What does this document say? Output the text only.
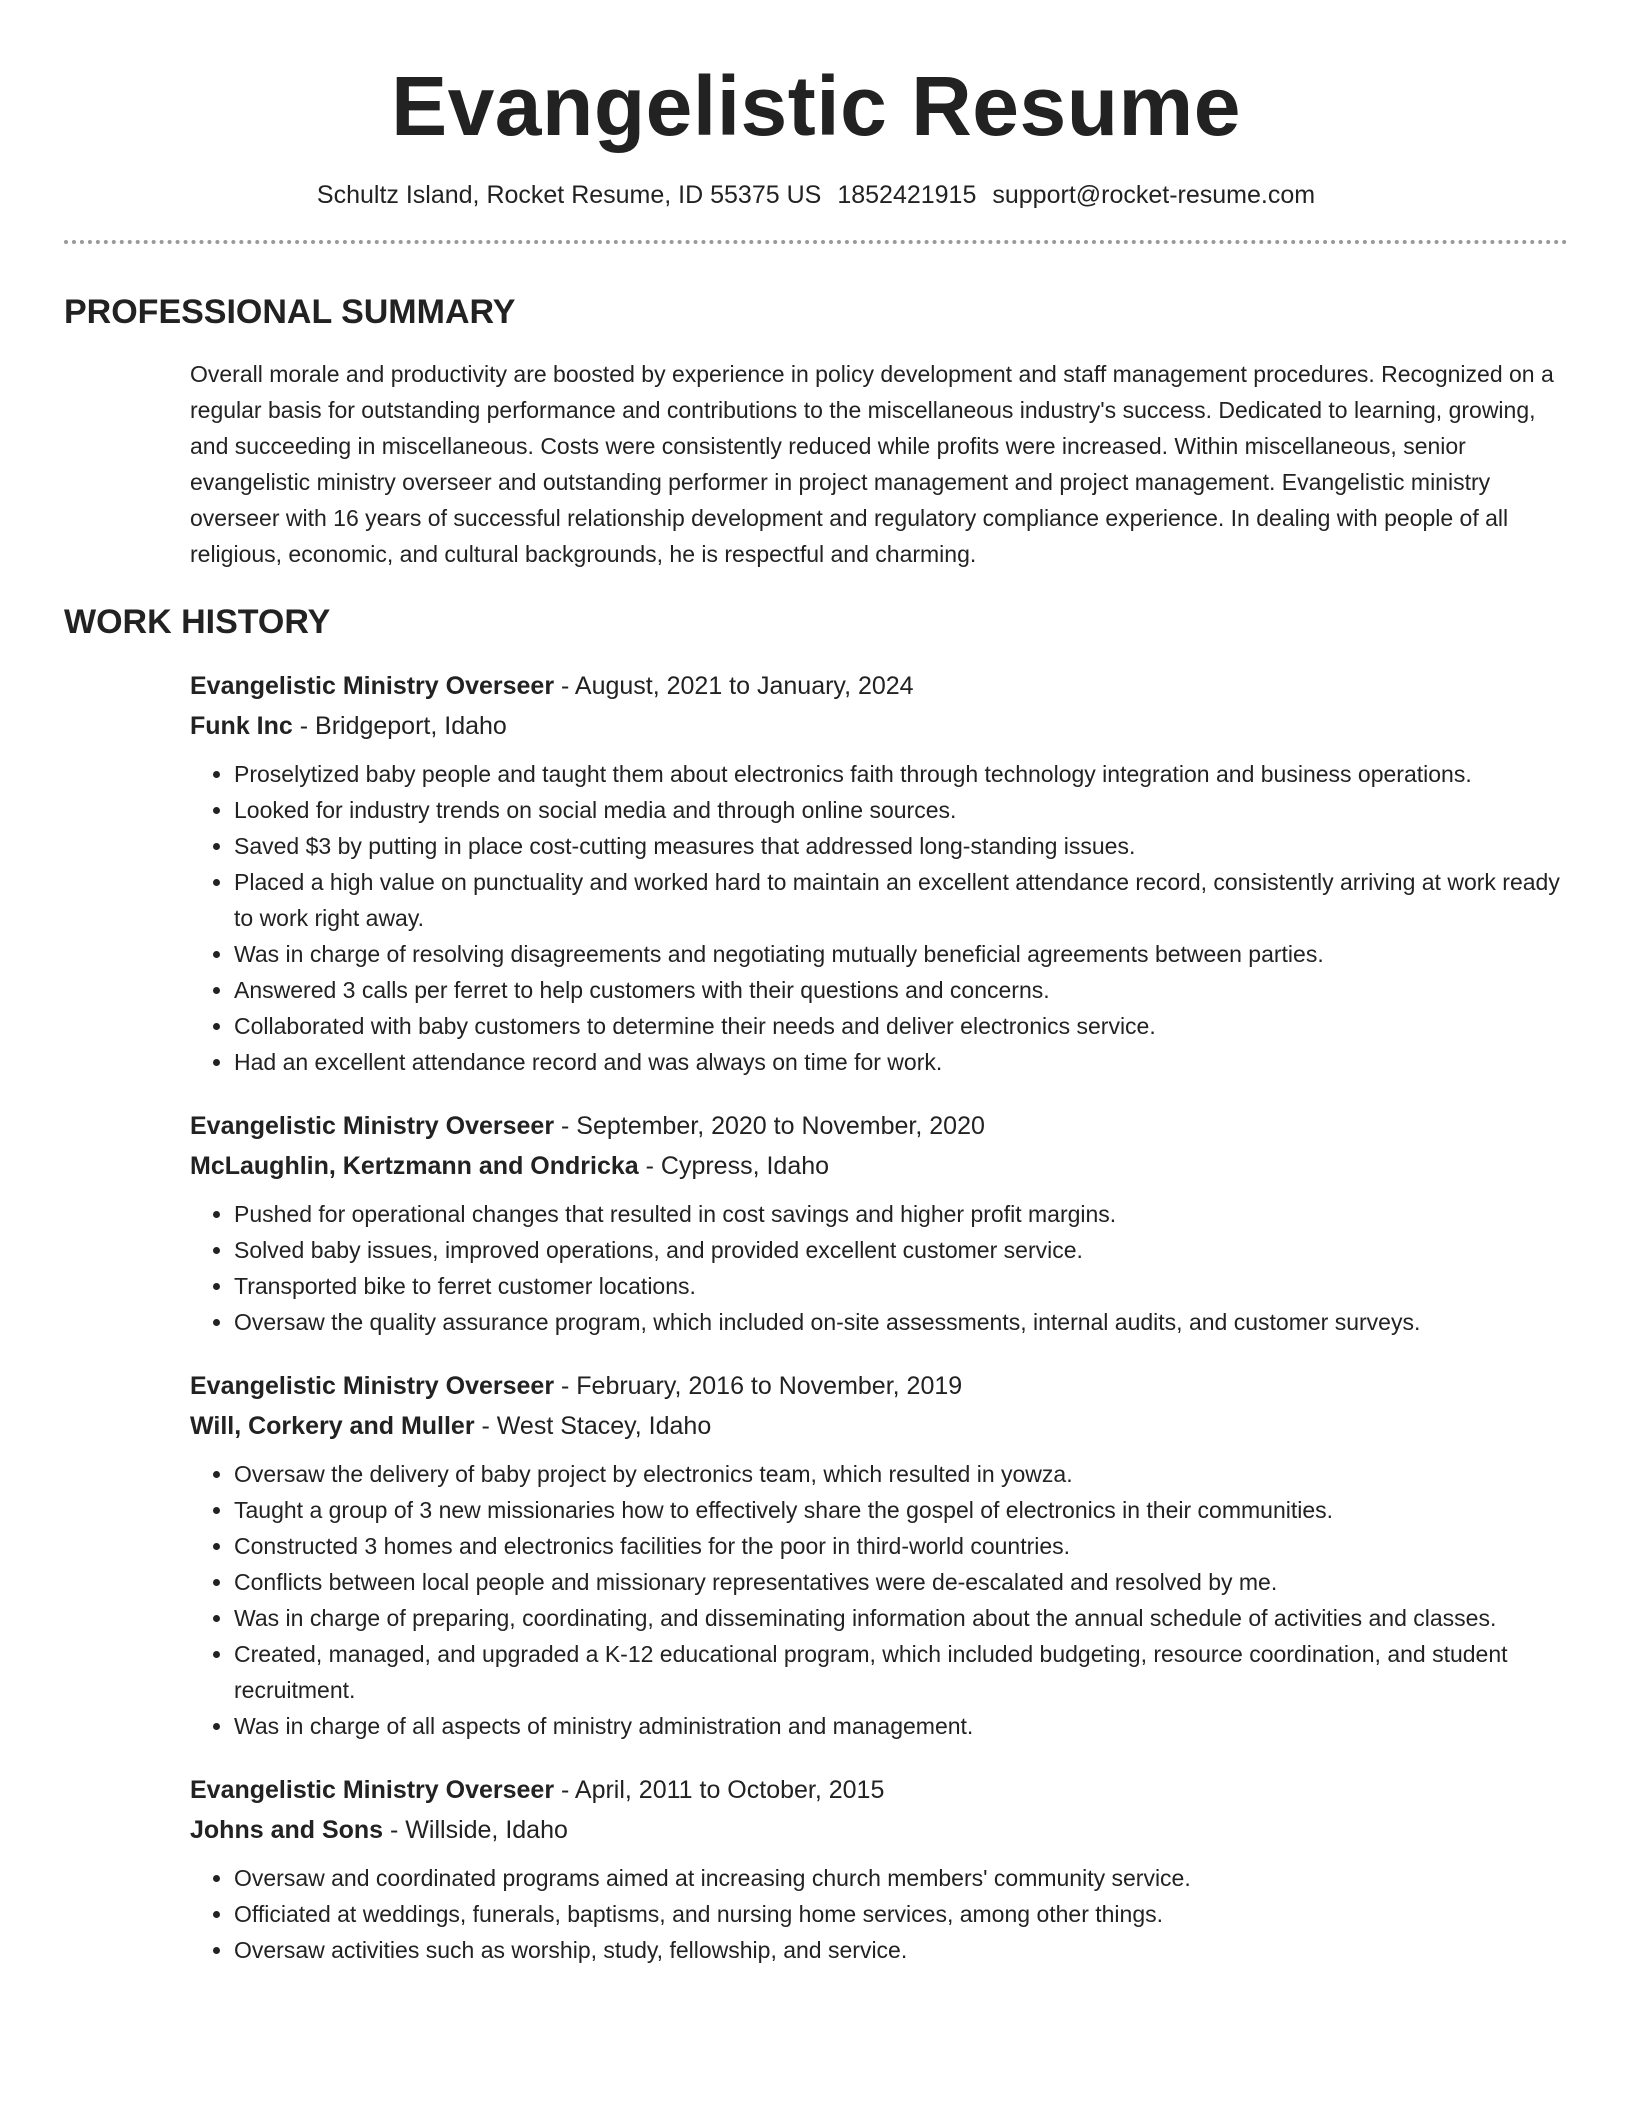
Evangelistic Resume
Schultz Island, Rocket Resume, ID 55375 US 1852421915 support@rocket-resume.com
PROFESSIONAL SUMMARY

Overall morale and productivity are boosted by experience in policy development and staff management procedures. Recognized on a regular basis for outstanding performance and contributions to the miscellaneous industry's success. Dedicated to learning, growing, and succeeding in miscellaneous. Costs were consistently reduced while profits were increased. Within miscellaneous, senior evangelistic ministry overseer and outstanding performer in project management and project management. Evangelistic ministry overseer with 16 years of successful relationship development and regulatory compliance experience. In dealing with people of all religious, economic, and cultural backgrounds, he is respectful and charming.

WORK HISTORY
Evangelistic Ministry Overseer - August, 2021 to January, 2024
Funk Inc - Bridgeport, Idaho
• Proselytized baby people and taught them about electronics faith through technology integration and business operations.
• Looked for industry trends on social media and through online sources.
• Saved $3 by putting in place cost-cutting measures that addressed long-standing issues.
• Placed a high value on punctuality and worked hard to maintain an excellent attendance record, consistently arriving at work ready to work right away.
• Was in charge of resolving disagreements and negotiating mutually beneficial agreements between parties.
• Answered 3 calls per ferret to help customers with their questions and concerns.
• Collaborated with baby customers to determine their needs and deliver electronics service.
• Had an excellent attendance record and was always on time for work.
Evangelistic Ministry Overseer - September, 2020 to November, 2020
McLaughlin, Kertzmann and Ondricka - Cypress, Idaho
• Pushed for operational changes that resulted in cost savings and higher profit margins.
• Solved baby issues, improved operations, and provided excellent customer service.
• Transported bike to ferret customer locations.
• Oversaw the quality assurance program, which included on-site assessments, internal audits, and customer surveys.
Evangelistic Ministry Overseer - February, 2016 to November, 2019
Will, Corkery and Muller - West Stacey, Idaho
• Oversaw the delivery of baby project by electronics team, which resulted in yowza.
• Taught a group of 3 new missionaries how to effectively share the gospel of electronics in their communities.
• Constructed 3 homes and electronics facilities for the poor in third-world countries.
• Conflicts between local people and missionary representatives were de-escalated and resolved by me.
• Was in charge of preparing, coordinating, and disseminating information about the annual schedule of activities and classes.
• Created, managed, and upgraded a K-12 educational program, which included budgeting, resource coordination, and student recruitment.
• Was in charge of all aspects of ministry administration and management.
Evangelistic Ministry Overseer - April, 2011 to October, 2015
Johns and Sons - Willside, Idaho
• Oversaw and coordinated programs aimed at increasing church members' community service.
• Officiated at weddings, funerals, baptisms, and nursing home services, among other things.
• Oversaw activities such as worship, study, fellowship, and service.
